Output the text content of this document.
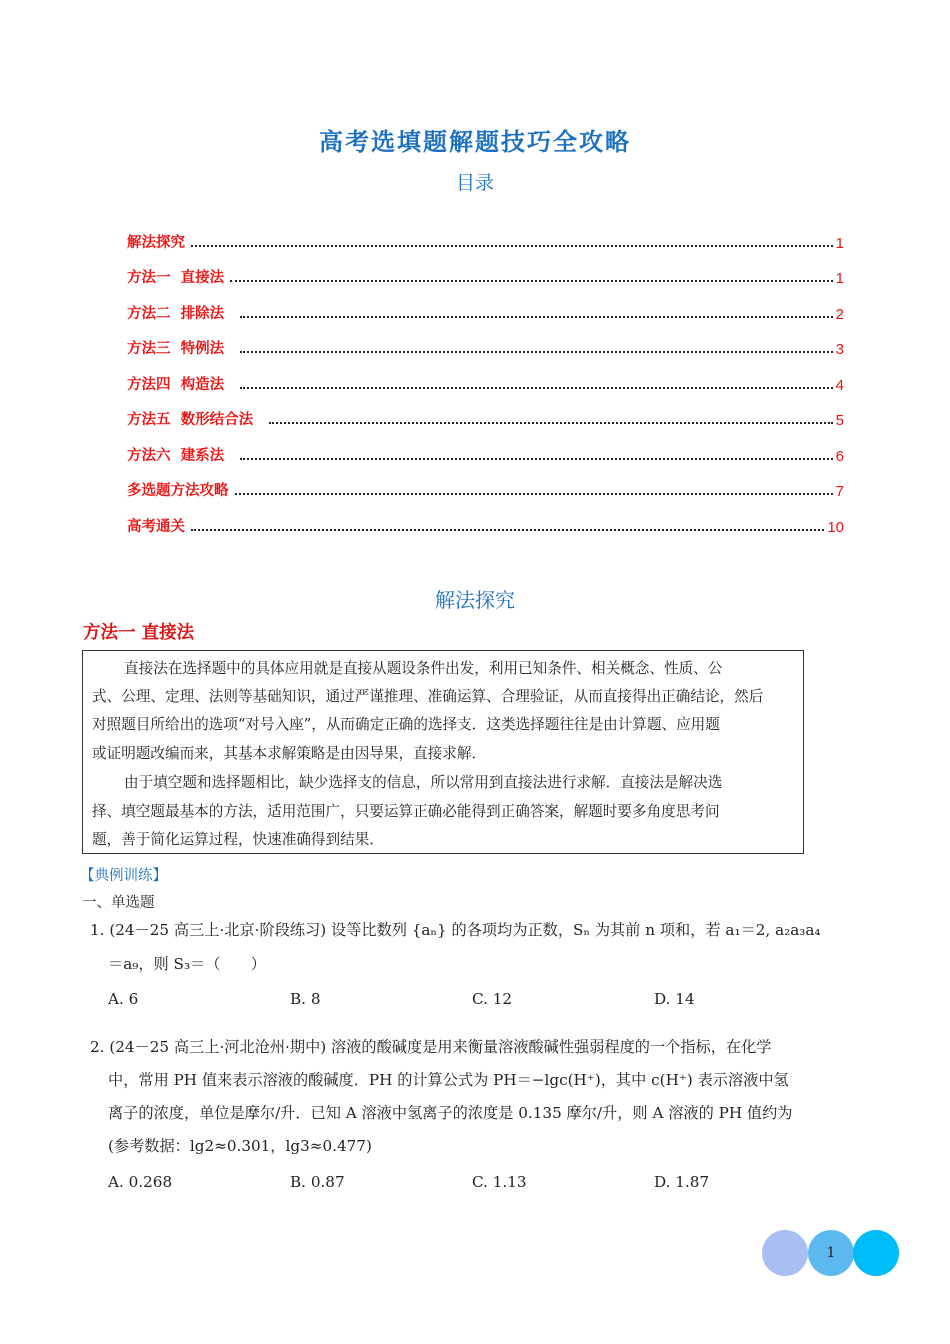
高考选填题解题技巧全攻略
目录
解法探究	1
方法一  直接法	1
方法二  排除法	2
方法三  特例法	3
方法四  构造法	4
方法五  数形结合法	5
方法六  建系法	6
多选题方法攻略	7
高考通关	10
解法探究
方法一 直接法
直接法在选择题中的具体应用就是直接从题设条件出发，利用已知条件、相关概念、性质、公
式、公理、定理、法则等基础知识，通过严谨推理、准确运算、合理验证，从而直接得出正确结论，然后
对照题目所给出的选项“对号入座”，从而确定正确的选择支．这类选择题往往是由计算题、应用题
或证明题改编而来，其基本求解策略是由因导果，直接求解．
由于填空题和选择题相比，缺少选择支的信息，所以常用到直接法进行求解．直接法是解决选
择、填空题最基本的方法，适用范围广，只要运算正确必能得到正确答案，解题时要多角度思考问
题，善于简化运算过程，快速准确得到结果．
【典例训练】
一、单选题
1. (24－25 高三上·北京·阶段练习) 设等比数列 {aₙ} 的各项均为正数，Sₙ 为其前 n 项和，若 a₁＝2, a₂a₃a₄
＝a₉，则 S₃＝（　　）
A. 6	B. 8	C. 12	D. 14
2. (24－25 高三上·河北沧州·期中) 溶液的酸碱度是用来衡量溶液酸碱性强弱程度的一个指标，在化学
中，常用 PH 值来表示溶液的酸碱度．PH 的计算公式为 PH＝−lgc(H⁺)，其中 c(H⁺) 表示溶液中氢
离子的浓度，单位是摩尔/升．已知 A 溶液中氢离子的浓度是 0.135 摩尔/升，则 A 溶液的 PH 值约为
(参考数据：lg2≈0.301，lg3≈0.477)
A. 0.268	B. 0.87	C. 1.13	D. 1.87
1
